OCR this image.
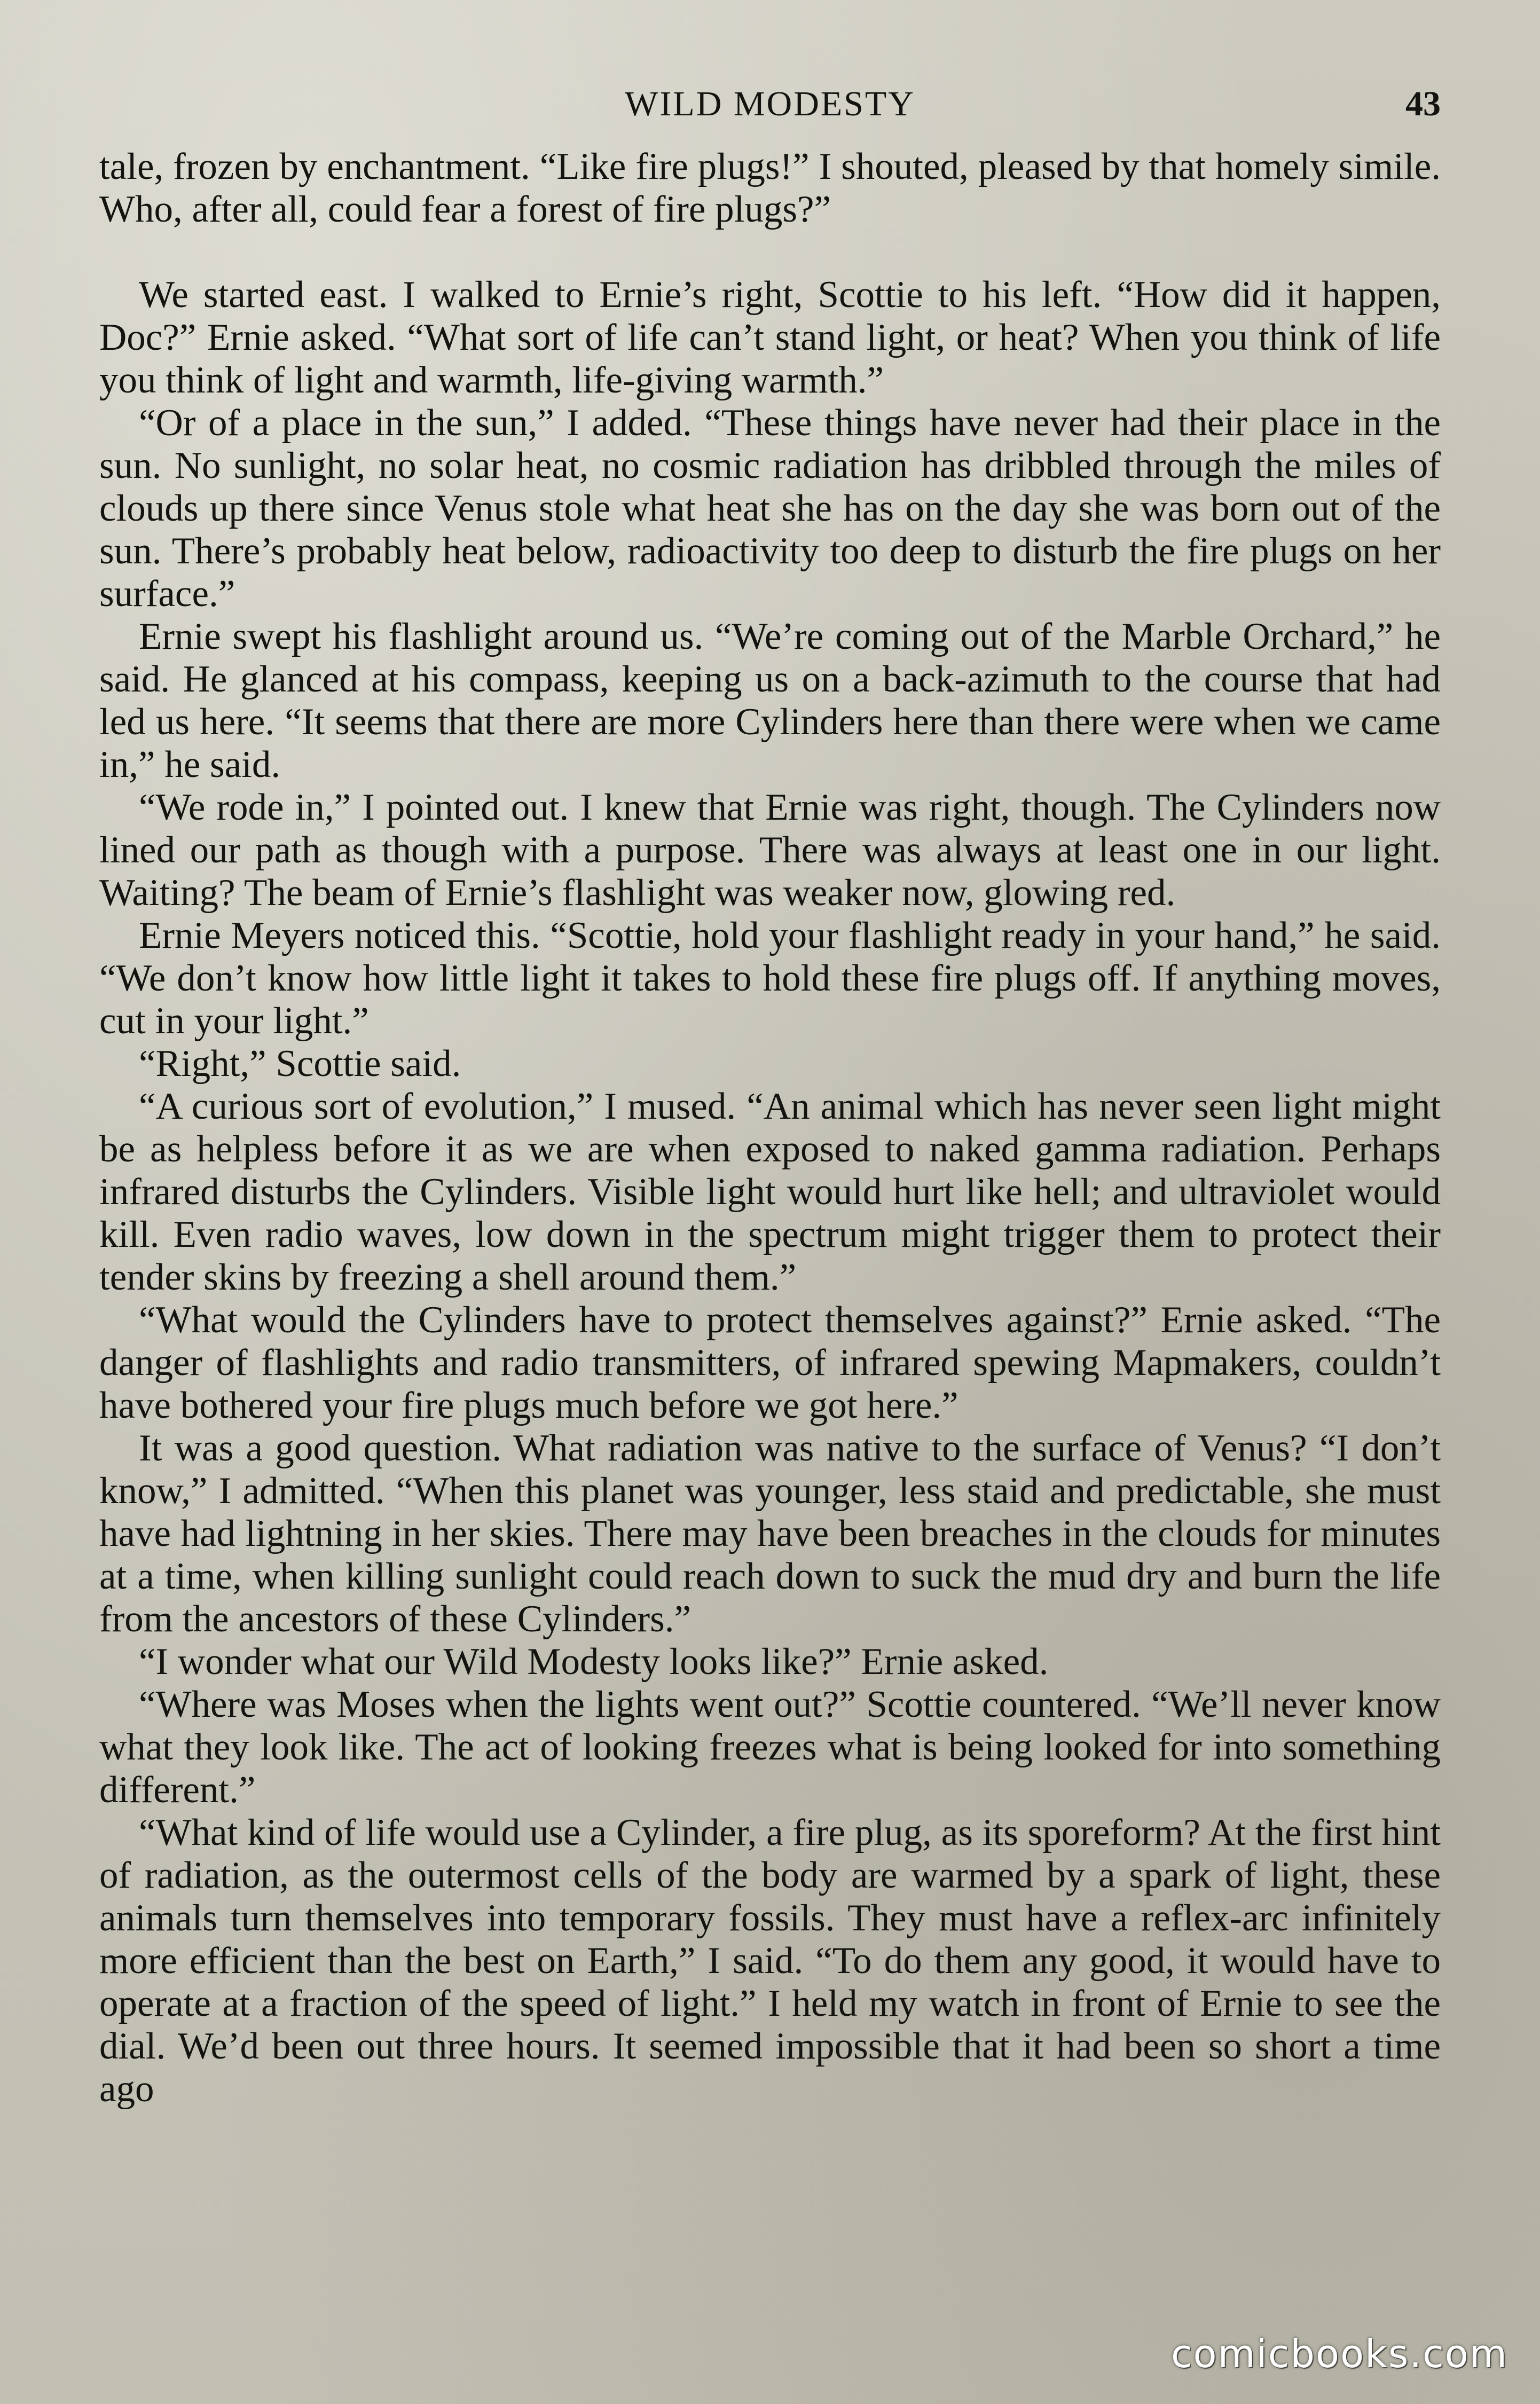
WILD MODESTY	43

tale, frozen by enchantment. “Like fire plugs!” I shouted, pleased by that homely simile. Who, after all, could fear a forest of fire plugs?”

We started east. I walked to Ernie’s right, Scottie to his left. “How did it happen, Doc?” Ernie asked. “What sort of life can’t stand light, or heat? When you think of life you think of light and warmth, life-giving warmth.”

“Or of a place in the sun,” I added. “These things have never had their place in the sun. No sunlight, no solar heat, no cosmic radiation has dribbled through the miles of clouds up there since Venus stole what heat she has on the day she was born out of the sun. There’s probably heat below, radioactivity too deep to disturb the fire plugs on her surface.”

Ernie swept his flashlight around us. “We’re coming out of the Marble Orchard,” he said. He glanced at his compass, keeping us on a back-azimuth to the course that had led us here. “It seems that there are more Cylinders here than there were when we came in,” he said.

“We rode in,” I pointed out. I knew that Ernie was right, though. The Cylinders now lined our path as though with a purpose. There was always at least one in our light. Waiting? The beam of Ernie’s flashlight was weaker now, glowing red.

Ernie Meyers noticed this. “Scottie, hold your flashlight ready in your hand,” he said. “We don’t know how little light it takes to hold these fire plugs off. If anything moves, cut in your light.”

“Right,” Scottie said.

“A curious sort of evolution,” I mused. “An animal which has never seen light might be as helpless before it as we are when exposed to naked gamma radiation. Perhaps infrared disturbs the Cylinders. Visible light would hurt like hell; and ultraviolet would kill. Even radio waves, low down in the spectrum might trigger them to protect their tender skins by freezing a shell around them.”

“What would the Cylinders have to protect themselves against?” Ernie asked. “The danger of flashlights and radio transmitters, of infrared spewing Mapmakers, couldn’t have bothered your fire plugs much before we got here.”

It was a good question. What radiation was native to the surface of Venus? “I don’t know,” I admitted. “When this planet was younger, less staid and predictable, she must have had lightning in her skies. There may have been breaches in the clouds for minutes at a time, when killing sunlight could reach down to suck the mud dry and burn the life from the ancestors of these Cylinders.”

“I wonder what our Wild Modesty looks like?” Ernie asked.

“Where was Moses when the lights went out?” Scottie countered. “We’ll never know what they look like. The act of looking freezes what is being looked for into something different.”

“What kind of life would use a Cylinder, a fire plug, as its sporeform? At the first hint of radiation, as the outermost cells of the body are warmed by a spark of light, these animals turn themselves into temporary fossils. They must have a reflex-arc infinitely more efficient than the best on Earth,” I said. “To do them any good, it would have to operate at a fraction of the speed of light.” I held my watch in front of Ernie to see the dial. We’d been out three hours. It seemed impossible that it had been so short a time ago

comicbooks.com
